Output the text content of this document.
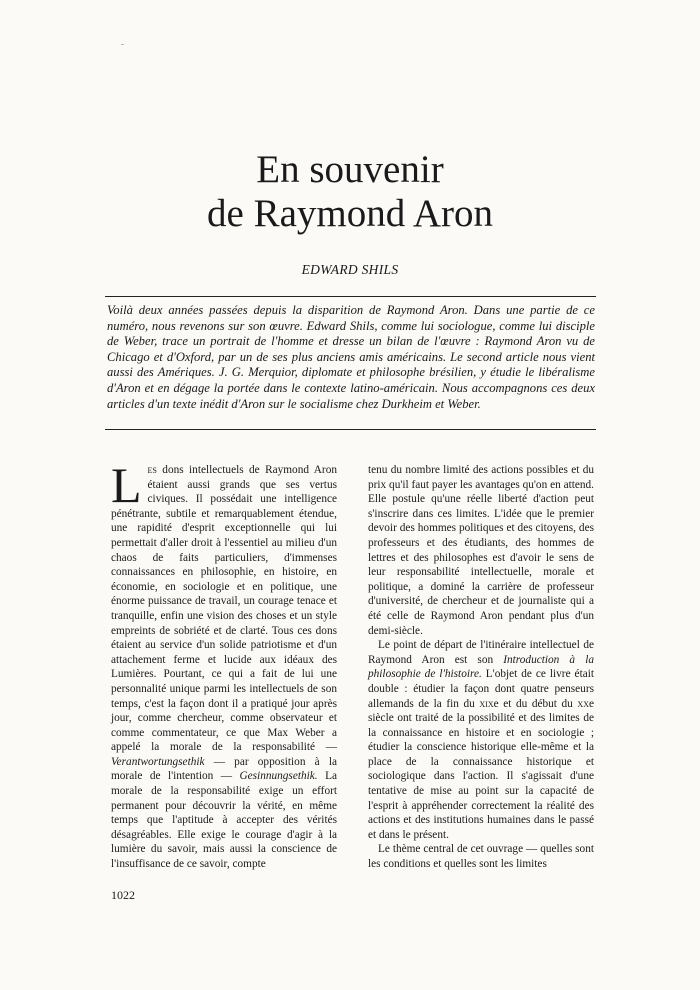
En souvenir
de Raymond Aron
EDWARD SHILS

Voilà deux années passées depuis la disparition de Raymond Aron. Dans une partie de ce numéro, nous revenons sur son œuvre. Edward Shils, comme lui sociologue, comme lui disciple de Weber, trace un portrait de l'homme et dresse un bilan de l'œuvre : Raymond Aron vu de Chicago et d'Oxford, par un de ses plus anciens amis américains. Le second article nous vient aussi des Amériques. J. G. Merquior, diplomate et philosophe brésilien, y étudie le libéralisme d'Aron et en dégage la portée dans le contexte latino-américain. Nous accompagnons ces deux articles d'un texte inédit d'Aron sur le socialisme chez Durkheim et Weber.

Les dons intellectuels de Raymond Aron étaient aussi grands que ses vertus civiques. Il possédait une intelligence pénétrante, subtile et remarquablement étendue, une rapidité d'esprit exceptionnelle qui lui permettait d'aller droit à l'essentiel au milieu d'un chaos de faits particuliers, d'immenses connaissances en philosophie, en histoire, en économie, en sociologie et en politique, une énorme puissance de travail, un courage tenace et tranquille, enfin une vision des choses et un style empreints de sobriété et de clarté. Tous ces dons étaient au service d'un solide patriotisme et d'un attachement ferme et lucide aux idéaux des Lumières. Pourtant, ce qui a fait de lui une personnalité unique parmi les intellectuels de son temps, c'est la façon dont il a pratiqué jour après jour, comme chercheur, comme observateur et comme commentateur, ce que Max Weber a appelé la morale de la responsabilité — Verantwortungsethik — par opposition à la morale de l'intention — Gesinnungsethik. La morale de la responsabilité exige un effort permanent pour découvrir la vérité, en même temps que l'aptitude à accepter des vérités désagréables. Elle exige le courage d'agir à la lumière du savoir, mais aussi la conscience de l'insuffisance de ce savoir, compte

tenu du nombre limité des actions possibles et du prix qu'il faut payer les avantages qu'on en attend. Elle postule qu'une réelle liberté d'action peut s'inscrire dans ces limites. L'idée que le premier devoir des hommes politiques et des citoyens, des professeurs et des étudiants, des hommes de lettres et des philosophes est d'avoir le sens de leur responsabilité intellectuelle, morale et politique, a dominé la carrière de professeur d'université, de chercheur et de journaliste qui a été celle de Raymond Aron pendant plus d'un demi-siècle.

Le point de départ de l'itinéraire intellectuel de Raymond Aron est son Introduction à la philosophie de l'histoire. L'objet de ce livre était double : étudier la façon dont quatre penseurs allemands de la fin du xixe et du début du xxe siècle ont traité de la possibilité et des limites de la connaissance en histoire et en sociologie ; étudier la conscience historique elle-même et la place de la connaissance historique et sociologique dans l'action. Il s'agissait d'une tentative de mise au point sur la capacité de l'esprit à appréhender correctement la réalité des actions et des institutions humaines dans le passé et dans le présent.

Le thème central de cet ouvrage — quelles sont les conditions et quelles sont les limites

1022
